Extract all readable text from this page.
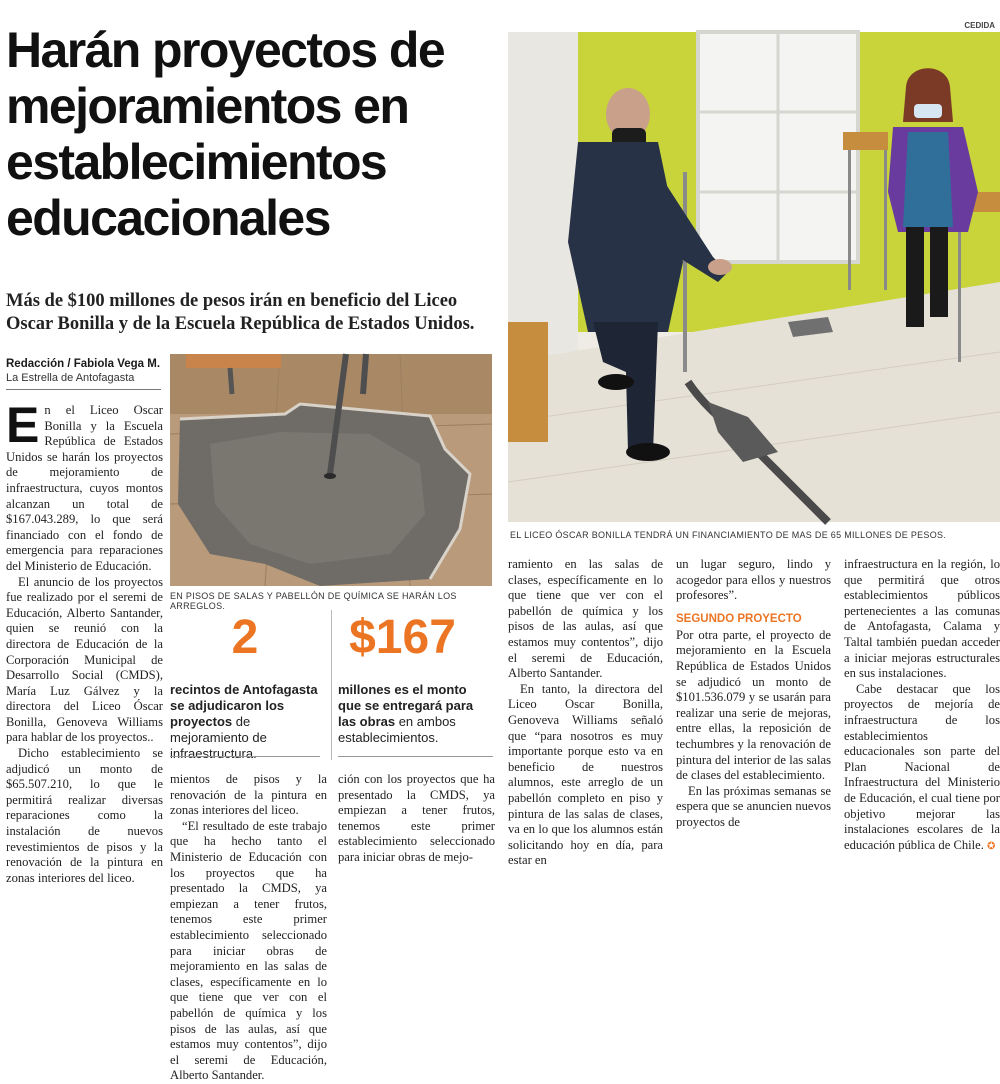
CEDIDA
Harán proyectos de mejoramientos en establecimientos educacionales
Más de $100 millones de pesos irán en beneficio del Liceo Oscar Bonilla y de la Escuela República de Estados Unidos.
Redacción / Fabiola Vega M.
La Estrella de Antofagasta

En el Liceo Oscar Bonilla y la Escuela República de Estados Unidos se harán los proyectos de mejoramiento de infraestructura, cuyos montos alcanzan un total de $167.043.289, lo que será financiado con el fondo de emergencia para reparaciones del Ministerio de Educación.

El anuncio de los proyectos fue realizado por el seremi de Educación, Alberto Santander, quien se reunió con la directora de Educación de la Corporación Municipal de Desarrollo Social (CMDS), María Luz Gálvez y la directora del Liceo Óscar Bonilla, Genoveva Williams para hablar de los proyectos..

Dicho establecimiento se adjudicó un monto de $65.507.210, lo que le permitirá realizar diversas reparaciones como la instalación de nuevos revestimientos de pisos y la renovación de la pintura en zonas interiores del liceo.

EN PISOS DE SALAS Y PABELLÓN DE QUÍMICA SE HARÁN LOS ARREGLOS.
EL LICEO ÓSCAR BONILLA TENDRÁ UN FINANCIAMIENTO DE MAS DE 65 MILLONES DE PESOS.
2	$167
recintos de Antofagasta se adjudicaron los proyectos de mejoramiento de infraestructura.
millones es el monto que se entregará para las obras en ambos establecimientos.

mientos de pisos y la renovación de la pintura en zonas interiores del liceo.

“El resultado de este trabajo que ha hecho tanto el Ministerio de Educación con los proyectos que ha presentado la CMDS, ya empiezan a tener frutos, tenemos este primer establecimiento seleccionado para iniciar obras de mejoramiento en las salas de clases, específicamente en lo que tiene que ver con el pabellón de química y los pisos de las aulas, así que estamos muy contentos”, dijo el seremi de Educación, Alberto Santander.

ción con los proyectos que ha presentado la CMDS, ya empiezan a tener frutos, tenemos este primer establecimiento seleccionado para iniciar obras de mejo-

ramiento en las salas de clases, específicamente en lo que tiene que ver con el pabellón de química y los pisos de las aulas, así que estamos muy contentos”, dijo el seremi de Educación, Alberto Santander.

En tanto, la directora del Liceo Oscar Bonilla, Genoveva Williams señaló que “para nosotros es muy importante porque esto va en beneficio de nuestros alumnos, este arreglo de un pabellón completo en piso y pintura de las salas de clases, va en lo que los alumnos están solicitando hoy en día, para estar en

un lugar seguro, lindo y acogedor para ellos y nuestros profesores”.

SEGUNDO PROYECTO

Por otra parte, el proyecto de mejoramiento en la Escuela República de Estados Unidos se adjudicó un monto de $101.536.079 y se usarán para realizar una serie de mejoras, entre ellas, la reposición de techumbres y la renovación de pintura del interior de las salas de clases del establecimiento.

En las próximas semanas se espera que se anuncien nuevos proyectos de

infraestructura en la región, lo que permitirá que otros establecimientos públicos pertenecientes a las comunas de Antofagasta, Calama y Taltal también puedan acceder a iniciar mejoras estructurales en sus instalaciones.

Cabe destacar que los proyectos de mejoría de infraestructura de los establecimientos educacionales son parte del Plan Nacional de Infraestructura del Ministerio de Educación, el cual tiene por objetivo mejorar las instalaciones escolares de la educación pública de Chile. ✪
